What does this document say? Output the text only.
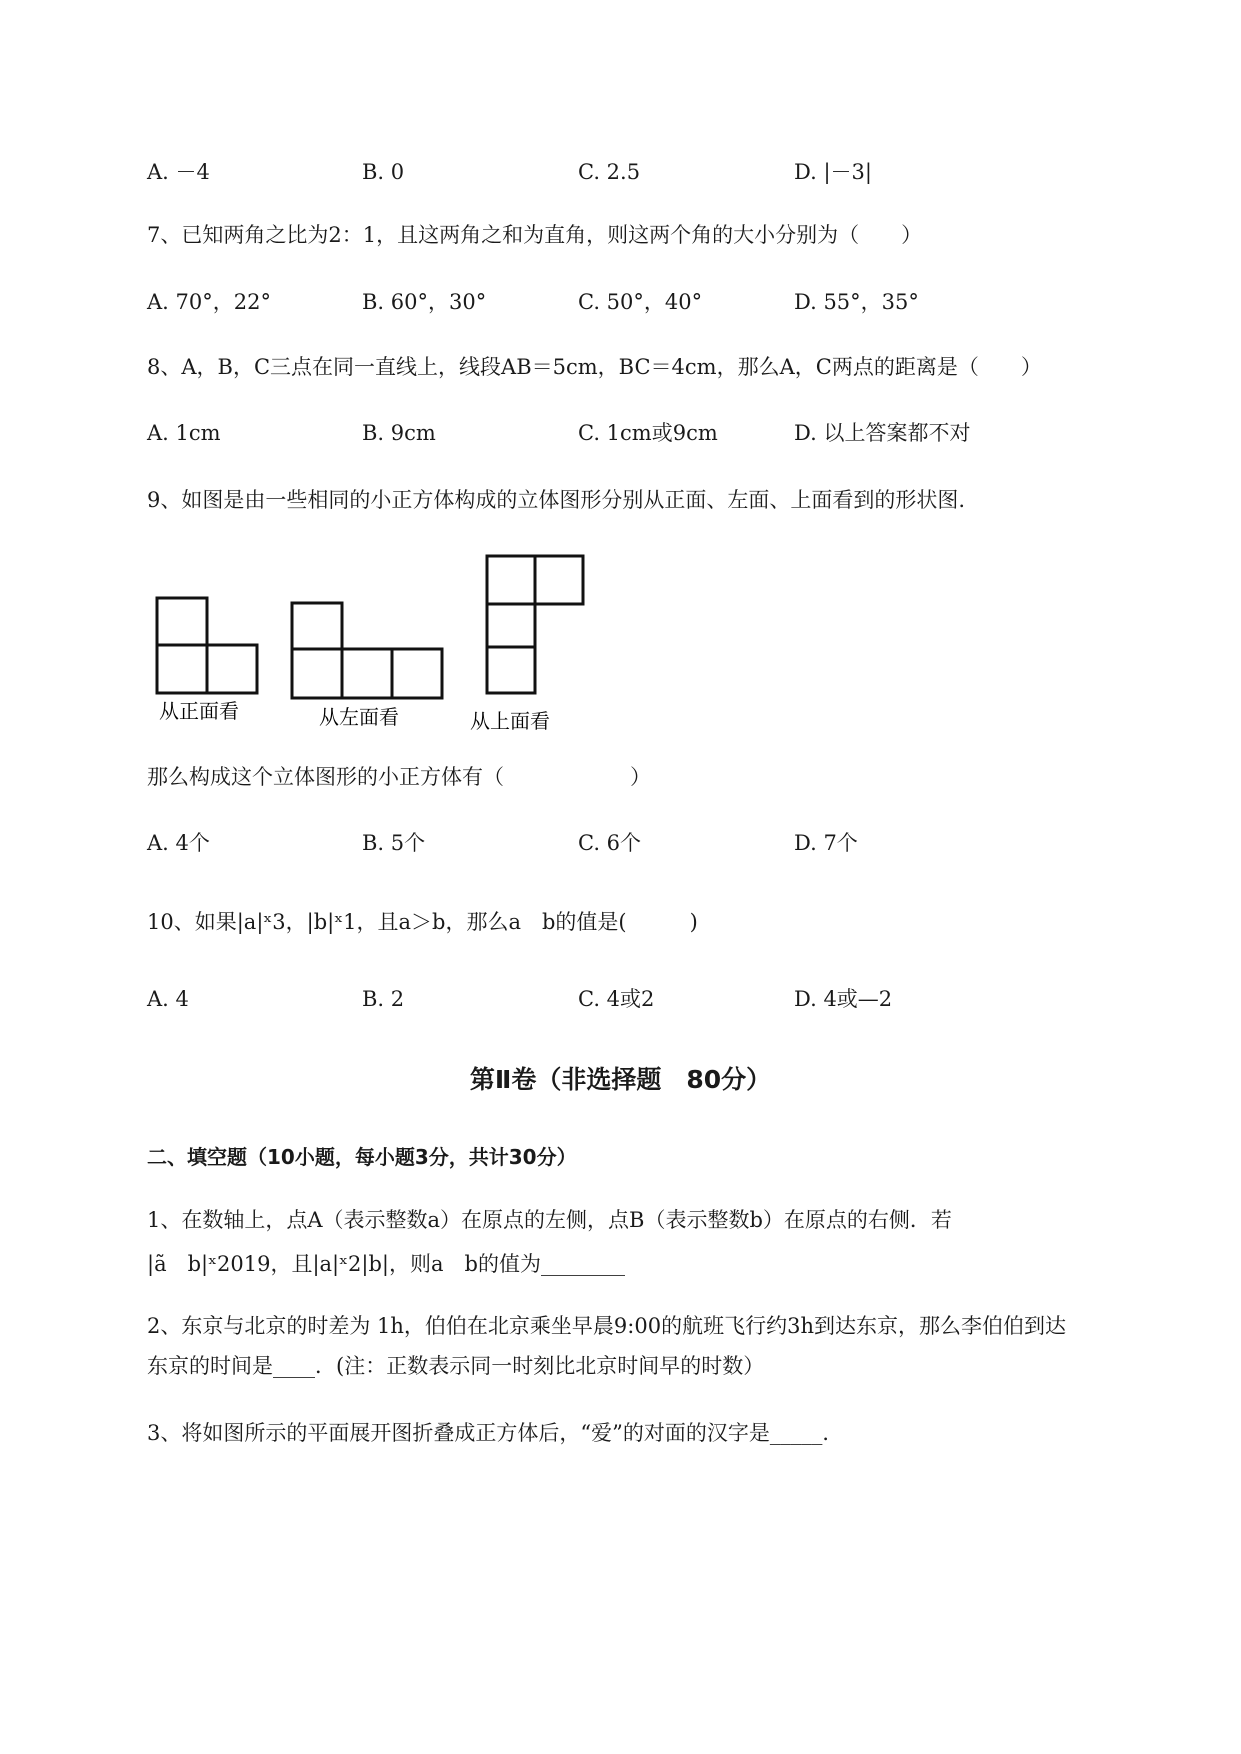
A. －4	B. 0	C. 2.5	D. |－3|
7、已知两角之比为2：1，且这两角之和为直角，则这两个角的大小分别为（　　）
A. 70°，22°	B. 60°，30°	C. 50°，40°	D. 55°，35°
8、A，B，C三点在同一直线上，线段AB＝5cm，BC＝4cm，那么A，C两点的距离是（　　）
A. 1cm	B. 9cm	C. 1cm或9cm	D. 以上答案都不对
9、如图是由一些相同的小正方体构成的立体图形分别从正面、左面、上面看到的形状图.
从正面看	从左面看	从上面看
那么构成这个立体图形的小正方体有（　　　　　　）
A. 4个	B. 5个	C. 6个	D. 7个
10、如果|a|ˣ3，|b|ˣ1，且a＞b，那么a　b的值是(　　　)
A. 4	B. 2	C. 4或2	D. 4或—2
第Ⅱ卷（非选择题　80分）
二、填空题（10小题，每小题3分，共计30分）
1、在数轴上，点A（表示整数a）在原点的左侧，点B（表示整数b）在原点的右侧．若
|ã　b|ˣ2019，且|a|ˣ2|b|，则a　b的值为________
2、东京与北京的时差为 1h，伯伯在北京乘坐早晨9:00的航班飞行约3h到达东京，那么李伯伯到达
东京的时间是____．(注：正数表示同一时刻比北京时间早的时数）
3、将如图所示的平面展开图折叠成正方体后，“爱”的对面的汉字是_____．
